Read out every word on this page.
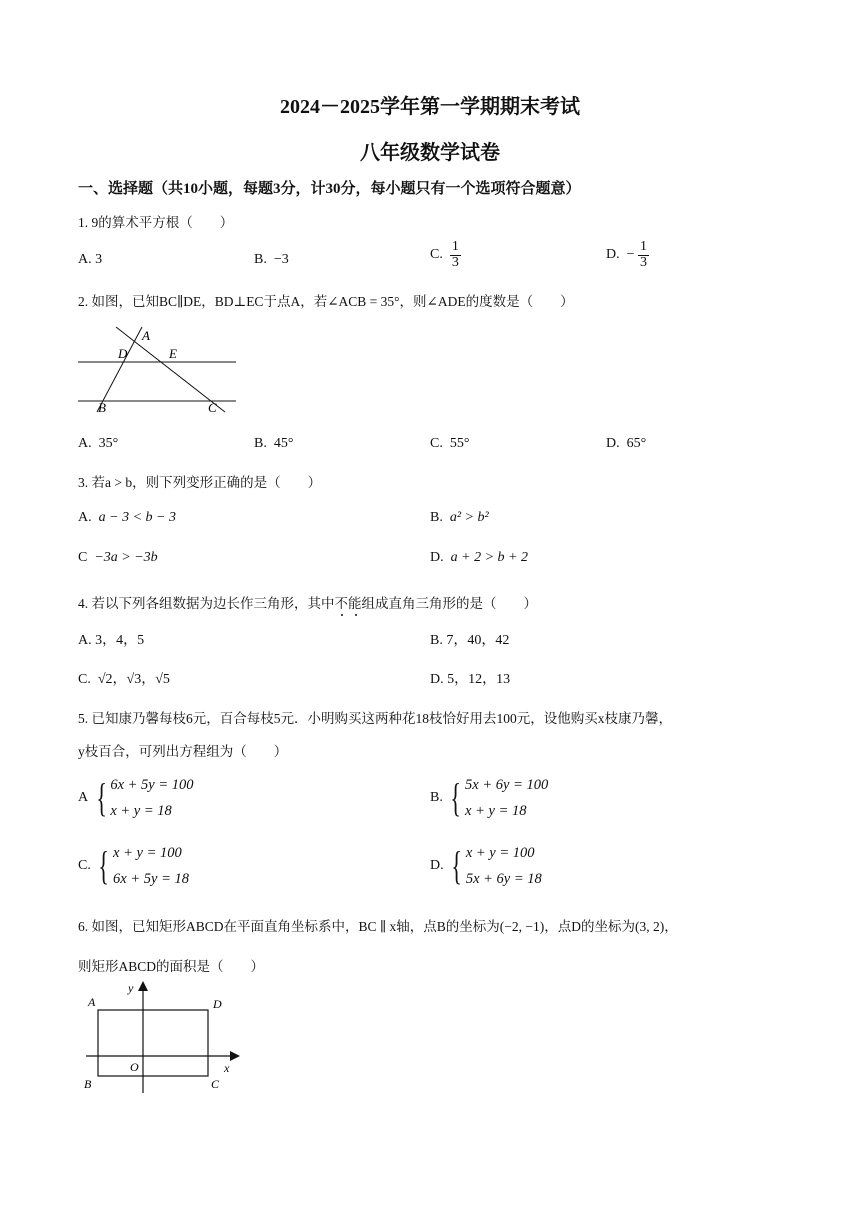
2024－2025学年第一学期期末考试
八年级数学试卷
一、选择题（共10小题，每题3分，计30分，每小题只有一个选项符合题意）
1. 9的算术平方根（　　）
A. 3	B. −3	C. $\frac{1}{3}$	D. − $\frac{1}{3}$
2. 如图，已知BC∥DE，BD⊥EC于点A，若∠ACB = 35°，则∠ADE的度数是（　　）
A
D	E
B	C
A. 35°	B. 45°	C. 55°	D. 65°
3. 若a > b，则下列变形正确的是（　　）
A. a − 3 < b − 3	B. a² > b²
C −3a > −3b	D. a + 2 > b + 2
4. 若以下列各组数据为边长作三角形，其中不能组成直角三角形的是（　　）
A. 3，4，5	B. 7，40，42
C. √2，√3，√5	D. 5，12，13
5. 已知康乃馨每枝6元，百合每枝5元．小明购买这两种花18枝恰好用去100元，设他购买x枝康乃馨，
y枝百合，可列出方程组为（　　）
A { 6x + 5y = 100
x + y = 18
B. { 5x + 6y = 100
x + y = 18
C. { x + y = 100
6x + 5y = 18
D. { x + y = 100
5x + 6y = 18
6. 如图，已知矩形ABCD在平面直角坐标系中，BC ∥ x轴，点B的坐标为(−2, −1)，点D的坐标为(3, 2)，
则矩形ABCD的面积是（　　）
A	D
B	C
O	x
y
